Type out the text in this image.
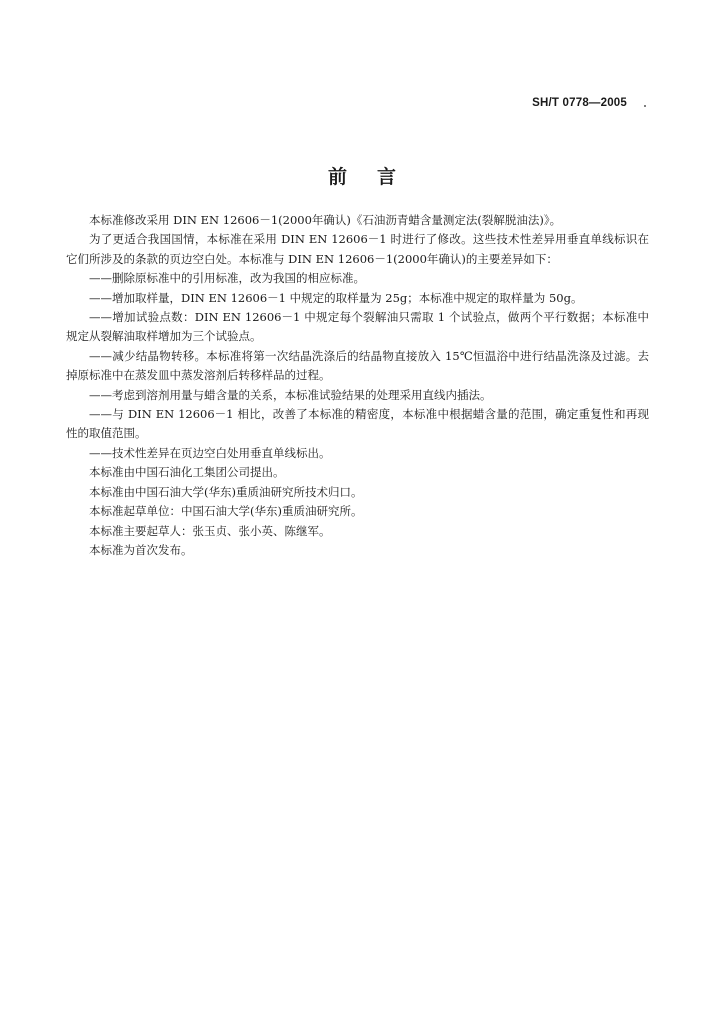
SH/T 0778—2005
前言

本标准修改采用 DIN EN 12606－1(2000年确认)《石油沥青蜡含量测定法(裂解脱油法)》。

为了更适合我国国情，本标准在采用 DIN EN 12606－1 时进行了修改。这些技术性差异用垂直单线标识在它们所涉及的条款的页边空白处。本标准与 DIN EN 12606－1(2000年确认)的主要差异如下：

——删除原标准中的引用标准，改为我国的相应标准。

——增加取样量，DIN EN 12606－1 中规定的取样量为 25g；本标准中规定的取样量为 50g。

——增加试验点数：DIN EN 12606－1 中规定每个裂解油只需取 1 个试验点，做两个平行数据；本标准中规定从裂解油取样增加为三个试验点。

——减少结晶物转移。本标准将第一次结晶洗涤后的结晶物直接放入 15℃恒温浴中进行结晶洗涤及过滤。去掉原标准中在蒸发皿中蒸发溶剂后转移样品的过程。

——考虑到溶剂用量与蜡含量的关系，本标准试验结果的处理采用直线内插法。

——与 DIN EN 12606－1 相比，改善了本标准的精密度，本标准中根据蜡含量的范围，确定重复性和再现性的取值范围。

——技术性差异在页边空白处用垂直单线标出。

本标准由中国石油化工集团公司提出。

本标准由中国石油大学(华东)重质油研究所技术归口。

本标准起草单位：中国石油大学(华东)重质油研究所。

本标准主要起草人：张玉贞、张小英、陈继军。

本标准为首次发布。
